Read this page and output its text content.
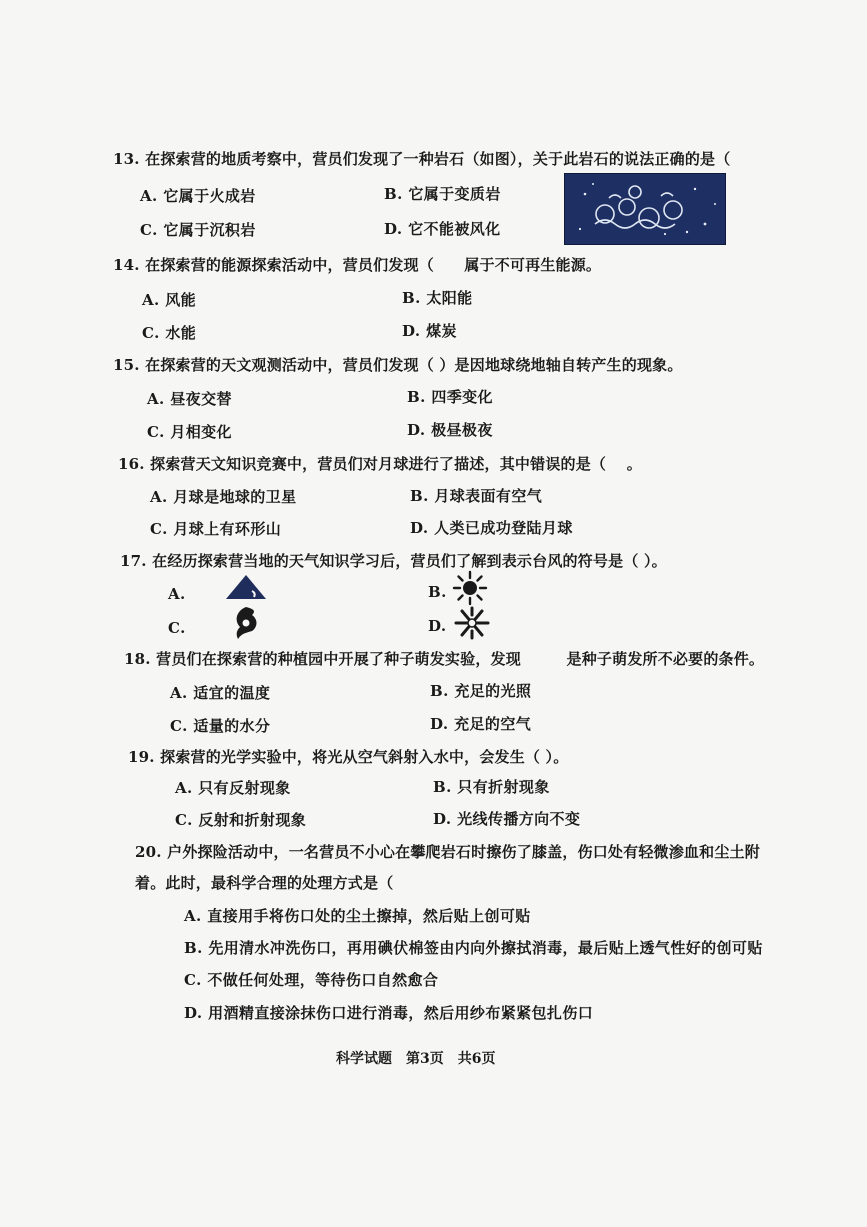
13. 在探索营的地质考察中，营员们发现了一种岩石（如图），关于此岩石的说法正确的是（
A. 它属于火成岩	B. 它属于变质岩
C. 它属于沉积岩	D. 它不能被风化
14. 在探索营的能源探索活动中，营员们发现（　　属于不可再生能源。
A. 风能	B. 太阳能
C. 水能	D. 煤炭
15. 在探索营的天文观测活动中，营员们发现（ ）是因地球绕地轴自转产生的现象。
A. 昼夜交替	B. 四季变化
C. 月相变化	D. 极昼极夜
16. 探索营天文知识竞赛中，营员们对月球进行了描述，其中错误的是（　 。
A. 月球是地球的卫星	B. 月球表面有空气
C. 月球上有环形山	D. 人类已成功登陆月球
17. 在经历探索营当地的天气知识学习后，营员们了解到表示台风的符号是（ ）。
A.	B.
C.	D.
18. 营员们在探索营的种植园中开展了种子萌发实验，发现　　　是种子萌发所不必要的条件。
A. 适宜的温度	B. 充足的光照
C. 适量的水分	D. 充足的空气
19. 探索营的光学实验中，将光从空气斜射入水中，会发生（ ）。
A. 只有反射现象	B. 只有折射现象
C. 反射和折射现象	D. 光线传播方向不变
20. 户外探险活动中，一名营员不小心在攀爬岩石时擦伤了膝盖，伤口处有轻微渗血和尘土附
着。此时，最科学合理的处理方式是（
A. 直接用手将伤口处的尘土擦掉，然后贴上创可贴
B. 先用清水冲洗伤口，再用碘伏棉签由内向外擦拭消毒，最后贴上透气性好的创可贴
C. 不做任何处理，等待伤口自然愈合
D. 用酒精直接涂抹伤口进行消毒，然后用纱布紧紧包扎伤口
科学试题　第3页　共6页
